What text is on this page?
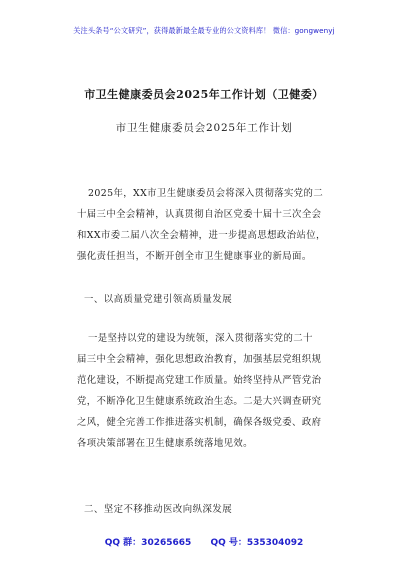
关注头条号“公文研究”，获得最新最全最专业的公文资料库！ 微信：gongwenyj
市卫生健康委员会2025年工作计划（卫健委）
市卫生健康委员会2025年工作计划
2025年，XX市卫生健康委员会将深入贯彻落实党的二
十届三中全会精神，认真贯彻自治区党委十届十三次全会
和XX市委二届八次全会精神，进一步提高思想政治站位，
强化责任担当，不断开创全市卫生健康事业的新局面。
一、以高质量党建引领高质量发展
一是坚持以党的建设为统领，深入贯彻落实党的二十
届三中全会精神，强化思想政治教育，加强基层党组织规
范化建设，不断提高党建工作质量。始终坚持从严管党治
党，不断净化卫生健康系统政治生态。二是大兴调查研究
之风，健全完善工作推进落实机制，确保各级党委、政府
各项决策部署在卫生健康系统落地见效。
二、坚定不移推动医改向纵深发展
QQ 群：30265665 QQ 号：535304092
